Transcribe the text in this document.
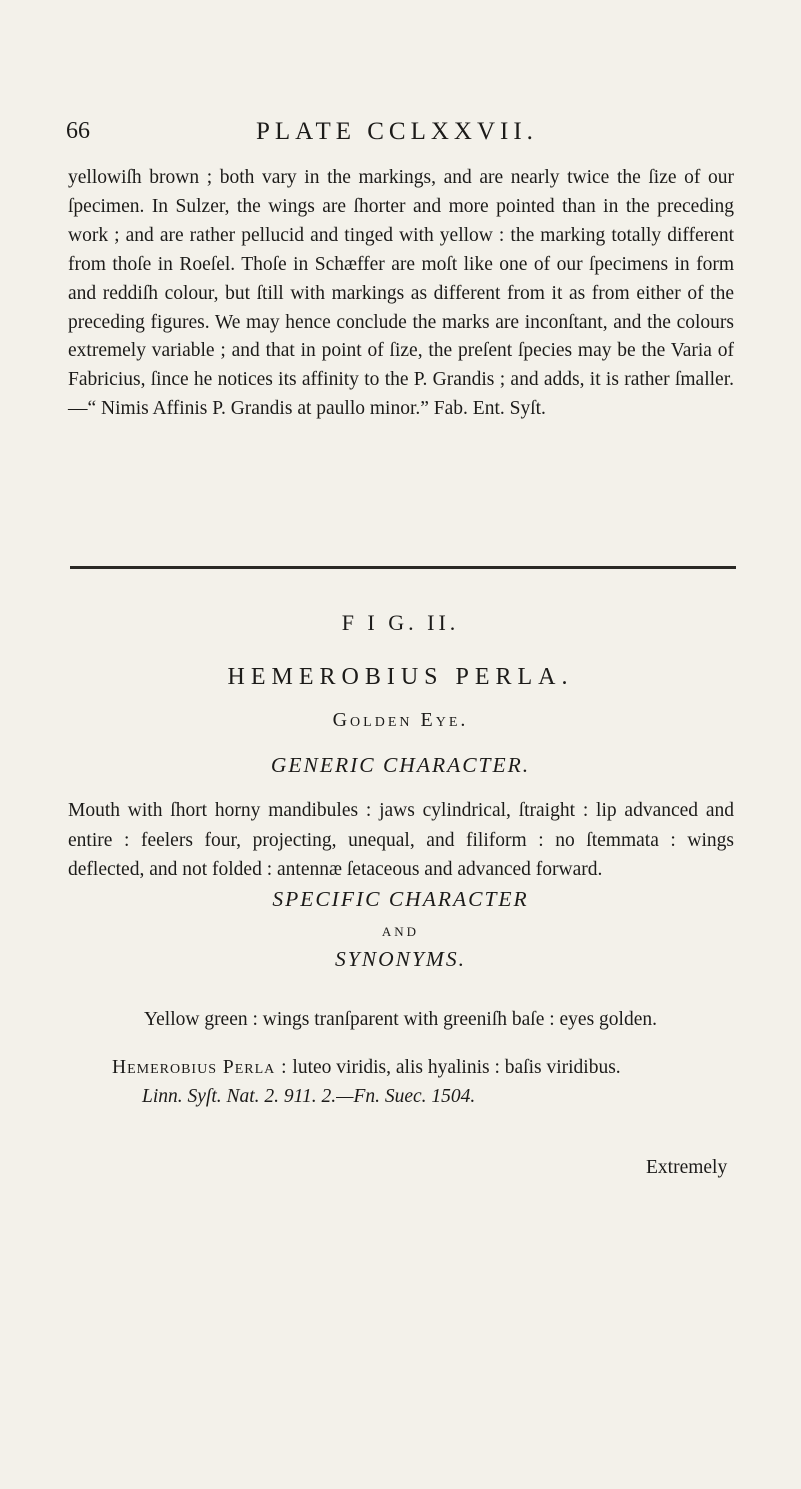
66	PLATE CCLXXVII.

yellowiſh brown ; both vary in the markings, and are nearly twice the ſize of our ſpecimen. In Sulzer, the wings are ſhorter and more pointed than in the preceding work ; and are rather pellucid and tinged with yellow : the marking totally different from thoſe in Roeſel. Thoſe in Schæffer are moſt like one of our ſpecimens in form and reddiſh colour, but ſtill with markings as different from it as from either of the preceding figures. We may hence conclude the marks are inconſtant, and the colours extremely variable ; and that in point of ſize, the preſent ſpecies may be the Varia of Fabricius, ſince he notices its affinity to the P. Grandis ; and adds, it is rather ſmaller.—“ Nimis Affinis P. Grandis at paullo minor.” Fab. Ent. Syſt.

F I G. II.
HEMEROBIUS PERLA.
Golden Eye.
GENERIC CHARACTER.

Mouth with ſhort horny mandibules : jaws cylindrical, ſtraight : lip advanced and entire : feelers four, projecting, unequal, and filiform : no ſtemmata : wings deflected, and not folded : antennæ ſetaceous and advanced forward.

SPECIFIC CHARACTER
AND
SYNONYMS.
Yellow green : wings tranſparent with greeniſh baſe : eyes golden.
Hemerobius Perla : luteo viridis, alis hyalinis : baſis viridibus.
Linn. Syſt. Nat. 2. 911. 2.—Fn. Suec. 1504.
Extremely
